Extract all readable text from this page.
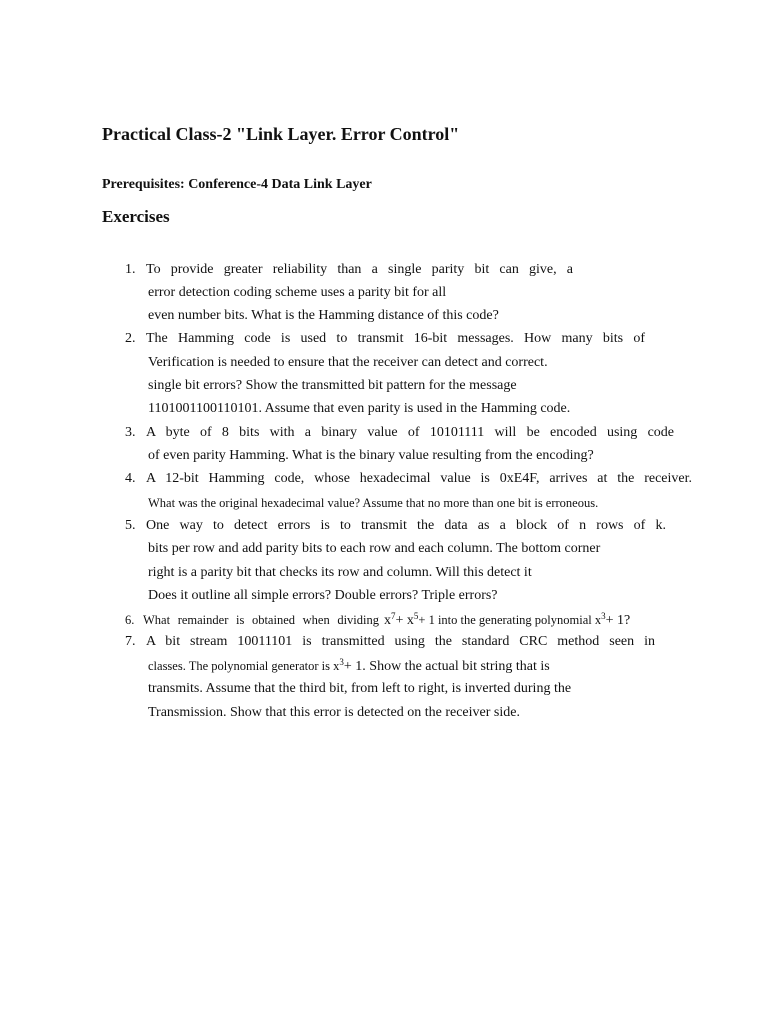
Practical Class-2 "Link Layer. Error Control"
Prerequisites: Conference-4 Data Link Layer
Exercises
1. To provide greater reliability than a single parity bit can give, a
error detection coding scheme uses a parity bit for all
even number bits. What is the Hamming distance of this code?
2. The Hamming code is used to transmit 16-bit messages. How many bits of
Verification is needed to ensure that the receiver can detect and correct.
single bit errors? Show the transmitted bit pattern for the message
1101001100110101. Assume that even parity is used in the Hamming code.
3. A byte of 8 bits with a binary value of 10101111 will be encoded using code
of even parity Hamming. What is the binary value resulting from the encoding?
4. A 12-bit Hamming code, whose hexadecimal value is 0xE4F, arrives at the receiver.
What was the original hexadecimal value? Assume that no more than one bit is erroneous.
5. One way to detect errors is to transmit the data as a block of n rows of k.
bits per row and add parity bits to each row and each column. The bottom corner
right is a parity bit that checks its row and column. Will this detect it
Does it outline all simple errors? Double errors? Triple errors?
6. What remainder is obtained when dividing $x^7+ x^5+ 1$ into the generating polynomial $x^3+ 1$?
7. A bit stream 10011101 is transmitted using the standard CRC method seen in
classes. The polynomial generator is $x^3+ 1$. Show the actual bit string that is
transmits. Assume that the third bit, from left to right, is inverted during the
Transmission. Show that this error is detected on the receiver side.
